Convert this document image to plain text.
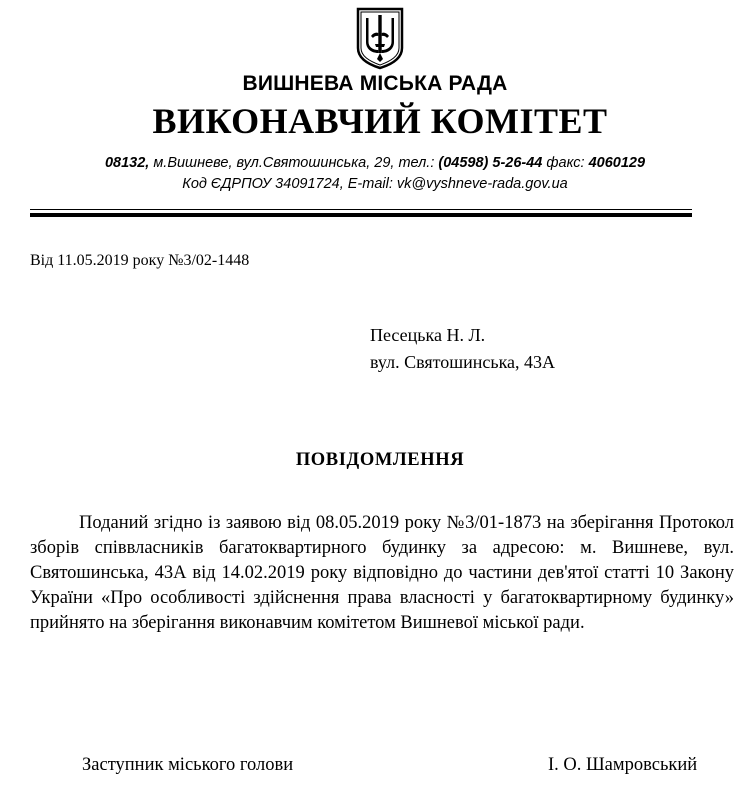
ВИШНЕВА МІСЬКА РАДА
ВИКОНАВЧИЙ КОМІТЕТ
08132, м.Вишневе, вул.Святошинська, 29, тел.: (04598) 5-26-44 факс: 4060129
Код ЄДРПОУ 34091724, E-mail: vk@vyshneve-rada.gov.ua
Від 11.05.2019 року №3/02-1448
Песецька Н. Л.
вул. Святошинська, 43А
ПОВІДОМЛЕННЯ
Поданий згідно із заявою від 08.05.2019 року №3/01-1873 на зберігання Протокол зборів співвласників багатоквартирного будинку за адресою: м. Вишневе, вул. Святошинська, 43А від 14.02.2019 року відповідно до частини дев'ятої статті 10 Закону України «Про особливості здійснення права власності у багатоквартирному будинку» прийнято на зберігання виконавчим комітетом Вишневої міської ради.
Заступник міського голови	І. О. Шамровський
